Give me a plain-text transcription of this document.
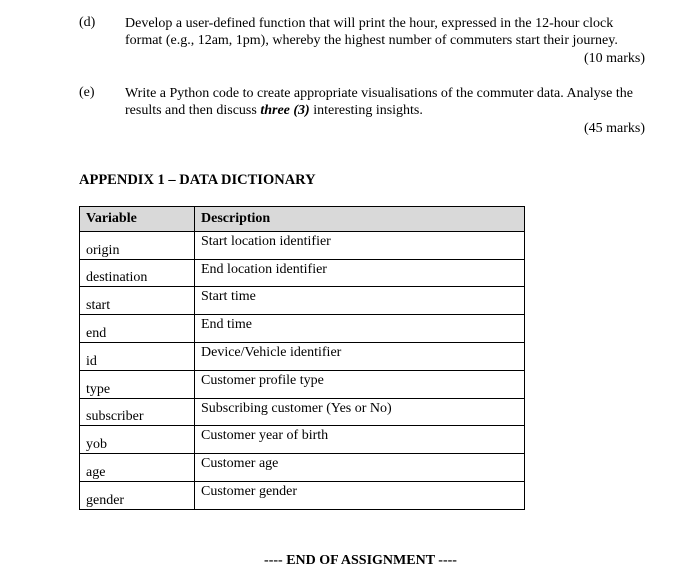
(d) Develop a user-defined function that will print the hour, expressed in the 12-hour clock format (e.g., 12am, 1pm), whereby the highest number of commuters start their journey.
(10 marks)
(e) Write a Python code to create appropriate visualisations of the commuter data. Analyse the results and then discuss three (3) interesting insights.
(45 marks)
APPENDIX 1 – DATA DICTIONARY
Variable	Description
origin	Start location identifier
destination	End location identifier
start	Start time
end	End time
id	Device/Vehicle identifier
type	Customer profile type
subscriber	Subscribing customer (Yes or No)
yob	Customer year of birth
age	Customer age
gender	Customer gender
---- END OF ASSIGNMENT ----
